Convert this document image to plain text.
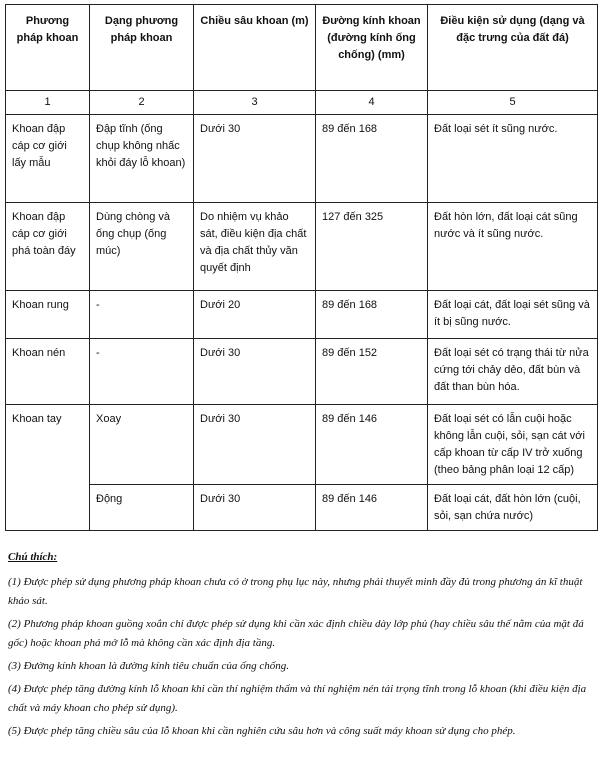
Phương pháp khoan	Dạng phương pháp khoan	Chiều sâu khoan (m)	Đường kính khoan (đường kính ống chống) (mm)	Điều kiện sử dụng (dạng và đặc trưng của đất đá)
1	2	3	4	5
Khoan đập cáp cơ giới lấy mẫu	Đập tĩnh (ống chụp không nhấc khỏi đáy lỗ khoan)	Dưới 30	89 đến 168	Đất loại sét ít sũng nước.
Khoan đập cáp cơ giới phá toàn đáy	Dùng chòng và ống chụp (ống múc)	Do nhiệm vụ khảo sát, điều kiện địa chất và địa chất thủy văn quyết định	127 đến 325	Đất hòn lớn, đất loại cát sũng nước và ít sũng nước.
Khoan rung	-	Dưới 20	89 đến 168	Đất loại cát, đất loại sét sũng và ít bị sũng nước.
Khoan nén	-	Dưới 30	89 đến 152	Đất loại sét có trạng thái từ nửa cứng tới chảy dẻo, đất bùn và đất than bùn hóa.
Khoan tay	Xoay	Dưới 30	89 đến 146	Đất loại sét có lẫn cuội hoặc không lẫn cuội, sỏi, sạn cát với cấp khoan từ cấp IV trở xuống (theo bảng phân loại 12 cấp)
	Động	Dưới 30	89 đến 146	Đất loại cát, đất hòn lớn (cuội, sỏi, sạn chứa nước)
Chú thích:
(1) Được phép sử dụng phương pháp khoan chưa có ở trong phụ lục này, nhưng phải thuyết minh đầy đủ trong phương án kĩ thuật khảo sát.
(2) Phương pháp khoan guồng xoắn chỉ được phép sử dụng khi cần xác định chiều dày lớp phủ (hay chiều sâu thế nằm của mặt đá gốc) hoặc khoan phá mở lỗ mà không cần xác định địa tầng.
(3) Đường kính khoan là đường kính tiêu chuẩn của ống chống.
(4) Được phép tăng đường kính lỗ khoan khi cần thí nghiệm thấm và thí nghiệm nén tải trọng tĩnh trong lỗ khoan (khi điều kiện địa chất và máy khoan cho phép sử dụng).
(5) Được phép tăng chiều sâu của lỗ khoan khi cần nghiên cứu sâu hơn và công suất máy khoan sử dụng cho phép.
